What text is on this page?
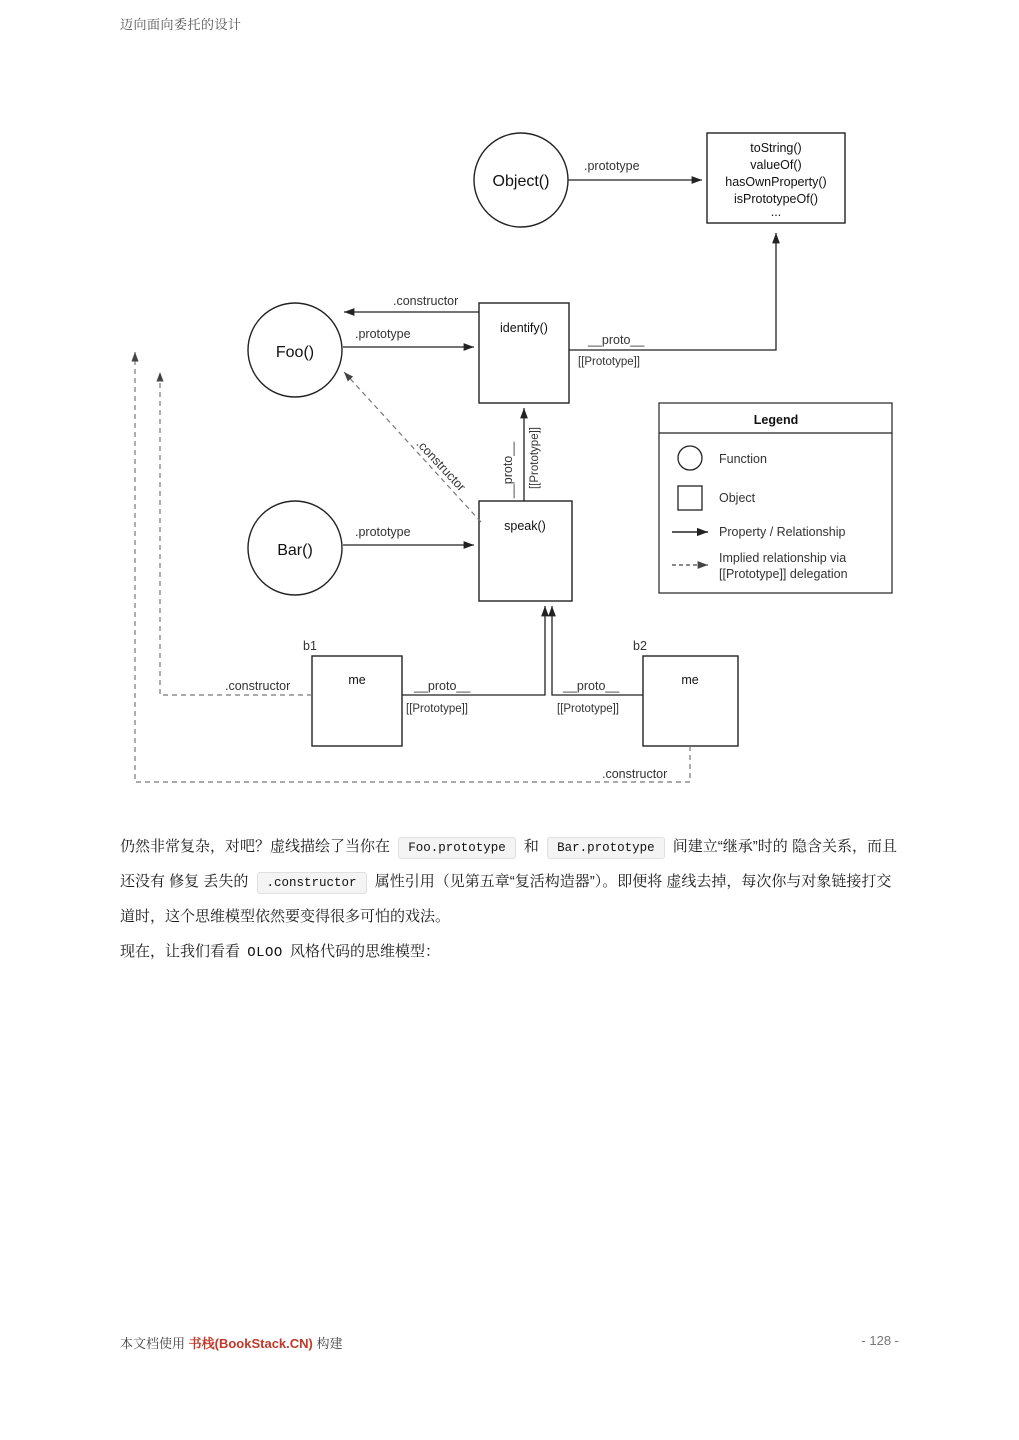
迈向面向委托的设计
Object()
toString()
valueOf()
hasOwnProperty()
isPrototypeOf()
...
.prototype
Foo()
Bar()
identify()
speak()
.prototype
.constructor
__proto__
[[Prototype]]
.prototype
__proto__ [[Prototype]]
.constructor
b1
me
b2
me
__proto__
[[Prototype]]
__proto__
[[Prototype]]
.constructor
.constructor
Legend
Function
Object
Property / Relationship
Implied relationship via
[[Prototype]] delegation
仍然非常复杂，对吧？虚线描绘了当你在 Foo.prototype 和 Bar.prototype 间建立“继承”时的 隐含关系，而且还没有 修复 丢失的 .constructor 属性引用（见第五章“复活构造器”）。即便将 虚线去掉，每次你与对象链接打交道时，这个思维模型依然要变得很多可怕的戏法。
现在，让我们看看 OLOO 风格代码的思维模型：
本文档使用 书栈(BookStack.CN) 构建	- 128 -
